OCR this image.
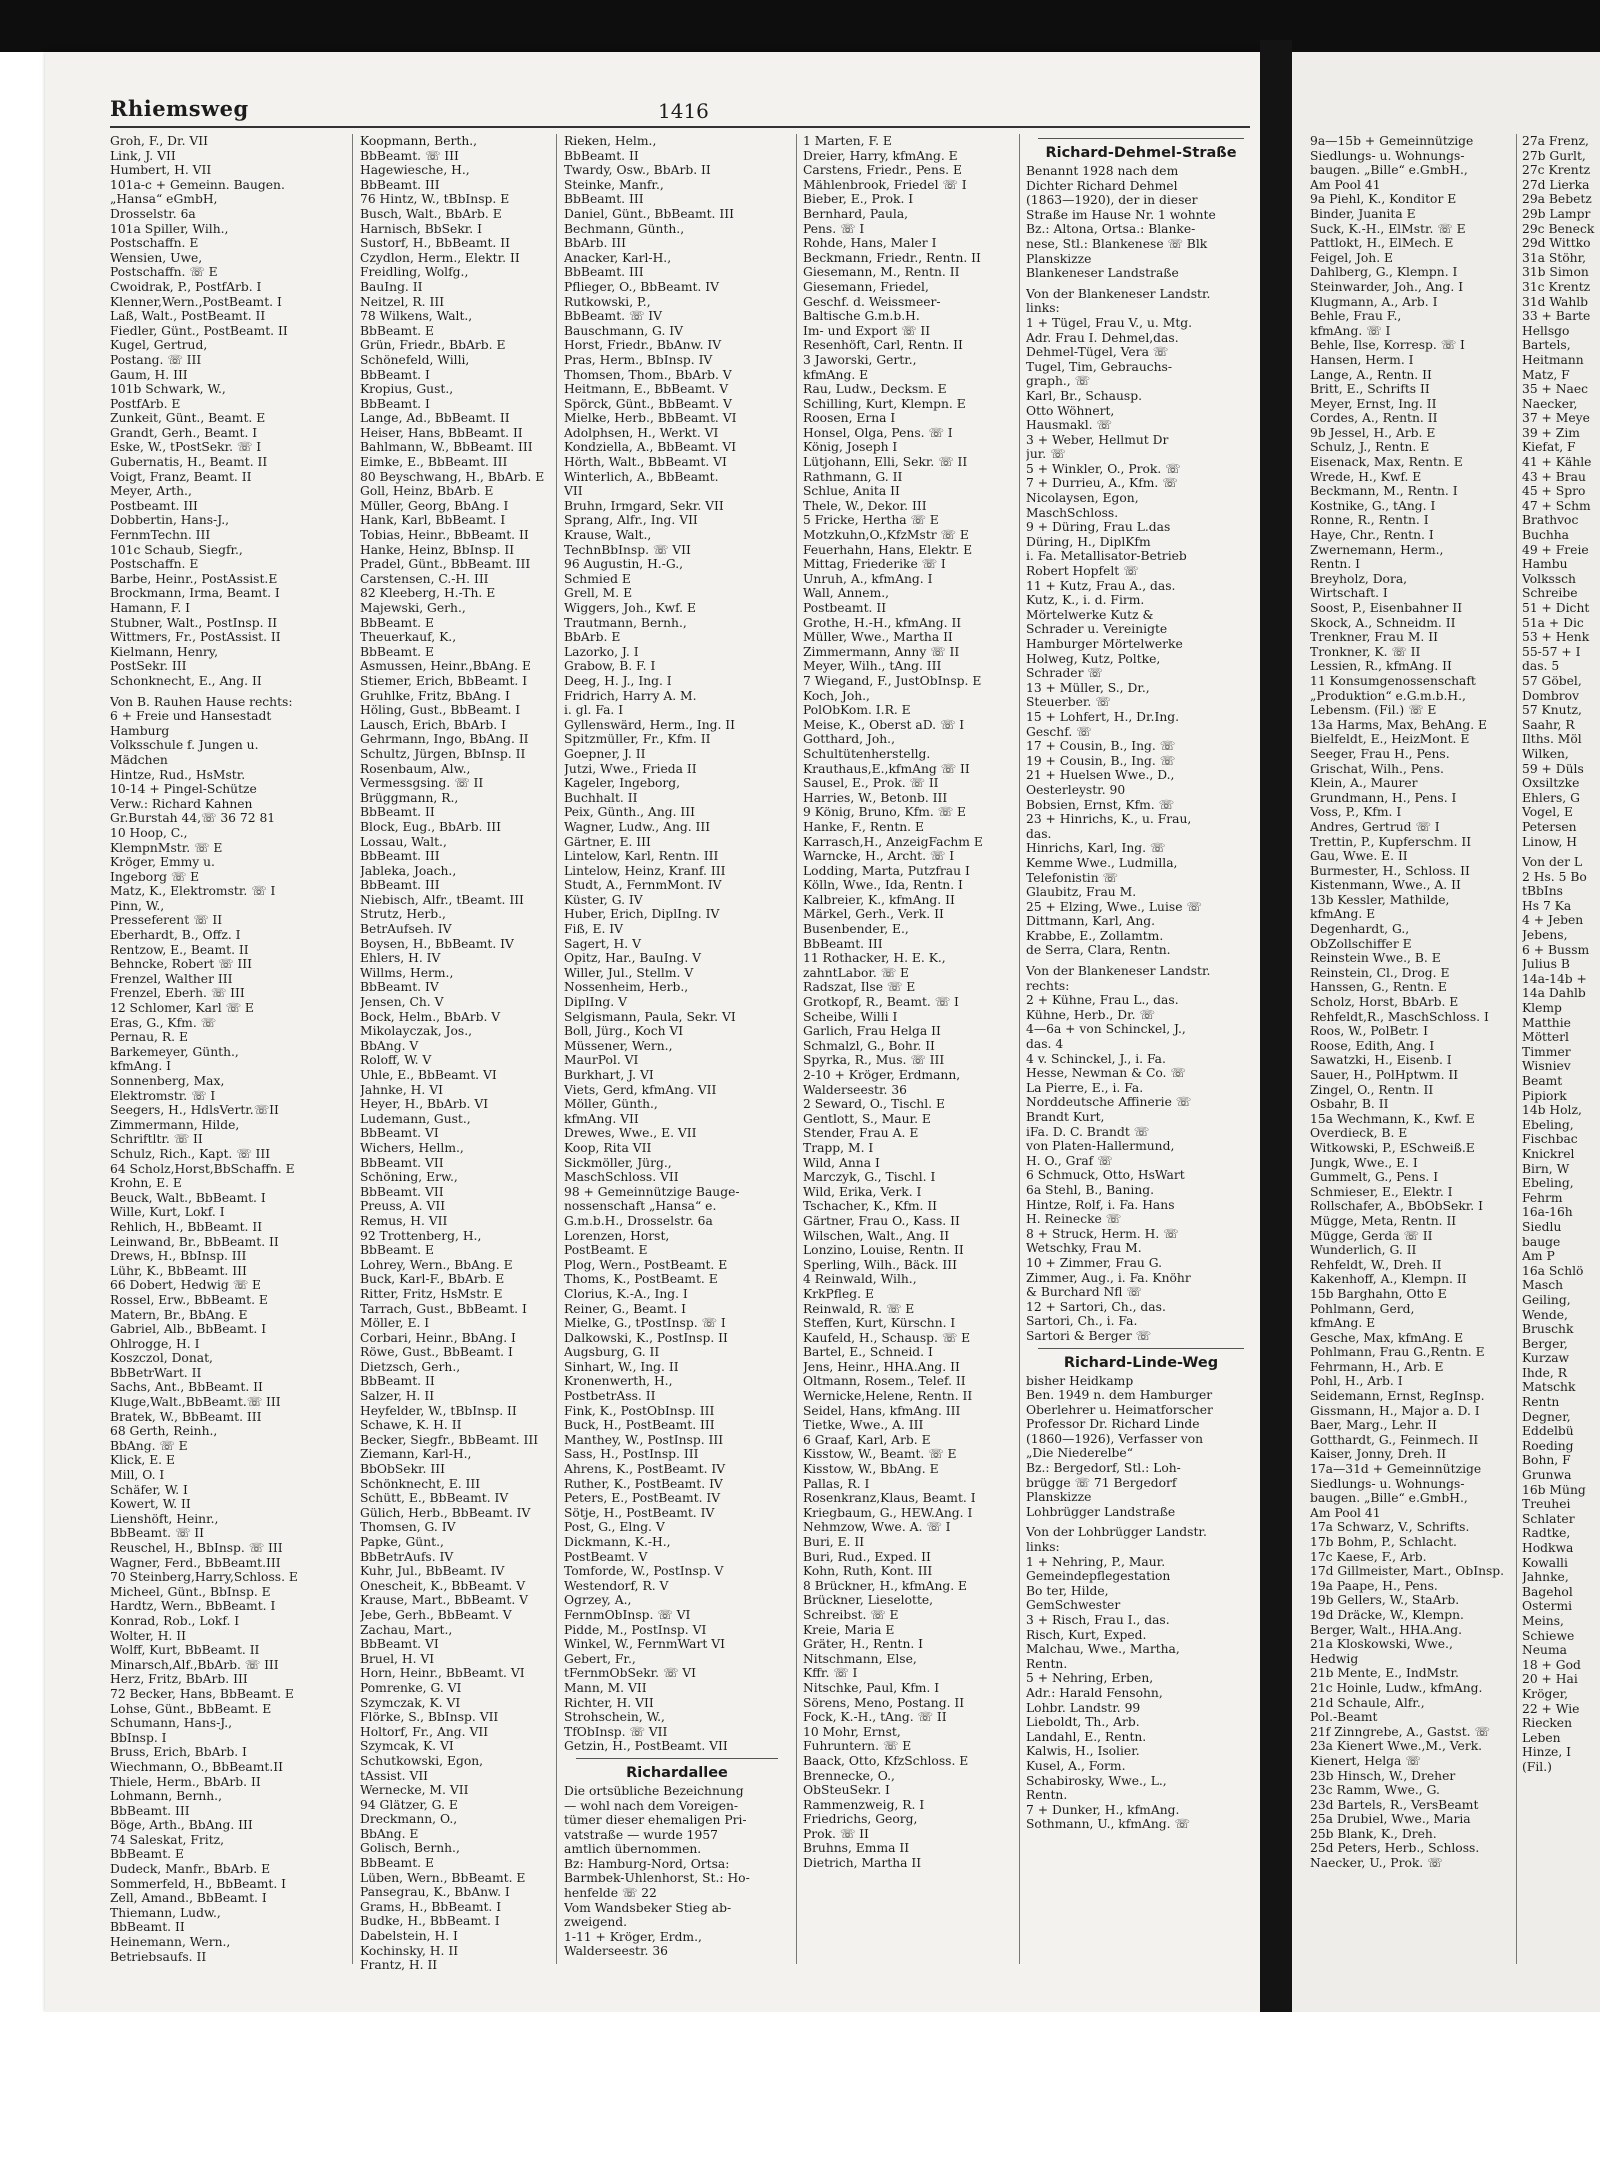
Rhiemsweg	1416
Groh, F., Dr. VII
Link, J. VII
Humbert, H. VII
101a-c + Gemeinn. Baugen.
„Hansa“ eGmbH,
Drosselstr. 6a
101a Spiller, Wilh.,
Postschaffn. E
Wensien, Uwe,
Postschaffn. ☏ E
Cwoidrak, P., PostfArb. I
Klenner,Wern.,PostBeamt. I
Laß, Walt., PostBeamt. II
Fiedler, Günt., PostBeamt. II
Kugel, Gertrud,
Postang. ☏ III
Gaum, H. III
101b Schwark, W.,
PostfArb. E
Zunkeit, Günt., Beamt. E
Grandt, Gerh., Beamt. I
Eske, W., tPostSekr. ☏ I
Gubernatis, H., Beamt. II
Voigt, Franz, Beamt. II
Meyer, Arth.,
Postbeamt. III
Dobbertin, Hans-J.,
FernmTechn. III
101c Schaub, Siegfr.,
Postschaffn. E
Barbe, Heinr., PostAssist.E
Brockmann, Irma, Beamt. I
Hamann, F. I
Stubner, Walt., PostInsp. II
Wittmers, Fr., PostAssist. II
Kielmann, Henry,
PostSekr. III
Schonknecht, E., Ang. II
Von B. Rauhen Hause rechts:
6 + Freie und Hansestadt
Hamburg
Volksschule f. Jungen u.
Mädchen
Hintze, Rud., HsMstr.
10-14 + Pingel-Schütze
Verw.: Richard Kahnen
Gr.Burstah 44,☏ 36 72 81
10 Hoop, C.,
KlempnMstr. ☏ E
Kröger, Emmy u.
Ingeborg ☏ E
Matz, K., Elektromstr. ☏ I
Pinn, W.,
Presseferent ☏ II
Eberhardt, B., Offz. I
Rentzow, E., Beamt. II
Behncke, Robert ☏ III
Frenzel, Walther III
Frenzel, Eberh. ☏ III
12 Schlomer, Karl ☏ E
Eras, G., Kfm. ☏
Pernau, R. E
Barkemeyer, Günth.,
kfmAng. I
Sonnenberg, Max,
Elektromstr. ☏ I
Seegers, H., HdlsVertr.☏II
Zimmermann, Hilde,
Schriftltr. ☏ II
Schulz, Rich., Kapt. ☏ III
64 Scholz,Horst,BbSchaffn. E
Krohn, E. E
Beuck, Walt., BbBeamt. I
Wille, Kurt, Lokf. I
Rehlich, H., BbBeamt. II
Leinwand, Br., BbBeamt. II
Drews, H., BbInsp. III
Lühr, K., BbBeamt. III
66 Dobert, Hedwig ☏ E
Rossel, Erw., BbBeamt. E
Matern, Br., BbAng. E
Gabriel, Alb., BbBeamt. I
Ohlrogge, H. I
Koszczol, Donat,
BbBetrWart. II
Sachs, Ant., BbBeamt. II
Kluge,Walt.,BbBeamt.☏ III
Bratek, W., BbBeamt. III
68 Gerth, Reinh.,
BbAng. ☏ E
Klick, E. E
Mill, O. I
Schäfer, W. I
Kowert, W. II
Lienshöft, Heinr.,
BbBeamt. ☏ II
Reuschel, H., BbInsp. ☏ III
Wagner, Ferd., BbBeamt.III
70 Steinberg,Harry,Schloss. E
Micheel, Günt., BbInsp. E
Hardtz, Wern., BbBeamt. I
Konrad, Rob., Lokf. I
Wolter, H. II
Wolff, Kurt, BbBeamt. II
Minarsch,Alf.,BbArb. ☏ III
Herz, Fritz, BbArb. III
72 Becker, Hans, BbBeamt. E
Lohse, Günt., BbBeamt. E
Schumann, Hans-J.,
BbInsp. I
Bruss, Erich, BbArb. I
Wiechmann, O., BbBeamt.II
Thiele, Herm., BbArb. II
Lohmann, Bernh.,
BbBeamt. III
Böge, Arth., BbAng. III
74 Saleskat, Fritz,
BbBeamt. E
Dudeck, Manfr., BbArb. E
Sommerfeld, H., BbBeamt. I
Zell, Amand., BbBeamt. I
Thiemann, Ludw.,
BbBeamt. II
Heinemann, Wern.,
Betriebsaufs. II
Koopmann, Berth.,
BbBeamt. ☏ III
Hagewiesche, H.,
BbBeamt. III
76 Hintz, W., tBbInsp. E
Busch, Walt., BbArb. E
Harnisch, BbSekr. I
Sustorf, H., BbBeamt. II
Czydlon, Herm., Elektr. II
Freidling, Wolfg.,
BauIng. II
Neitzel, R. III
78 Wilkens, Walt.,
BbBeamt. E
Grün, Friedr., BbArb. E
Schönefeld, Willi,
BbBeamt. I
Kropius, Gust.,
BbBeamt. I
Lange, Ad., BbBeamt. II
Heiser, Hans, BbBeamt. II
Bahlmann, W., BbBeamt. III
Eimke, E., BbBeamt. III
80 Beyschwang, H., BbArb. E
Goll, Heinz, BbArb. E
Müller, Georg, BbAng. I
Hank, Karl, BbBeamt. I
Tobias, Heinr., BbBeamt. II
Hanke, Heinz, BbInsp. II
Pradel, Günt., BbBeamt. III
Carstensen, C.-H. III
82 Kleeberg, H.-Th. E
Majewski, Gerh.,
BbBeamt. E
Theuerkauf, K.,
BbBeamt. E
Asmussen, Heinr.,BbAng. E
Stiemer, Erich, BbBeamt. I
Gruhlke, Fritz, BbAng. I
Höling, Gust., BbBeamt. I
Lausch, Erich, BbArb. I
Gehrmann, Ingo, BbAng. II
Schultz, Jürgen, BbInsp. II
Rosenbaum, Alw.,
Vermessgsing. ☏ II
Brüggmann, R.,
BbBeamt. II
Block, Eug., BbArb. III
Lossau, Walt.,
BbBeamt. III
Jableka, Joach.,
BbBeamt. III
Niebisch, Alfr., tBeamt. III
Strutz, Herb.,
BetrAufseh. IV
Boysen, H., BbBeamt. IV
Ehlers, H. IV
Willms, Herm.,
BbBeamt. IV
Jensen, Ch. V
Bock, Helm., BbArb. V
Mikolayczak, Jos.,
BbAng. V
Roloff, W. V
Uhle, E., BbBeamt. VI
Jahnke, H. VI
Heyer, H., BbArb. VI
Ludemann, Gust.,
BbBeamt. VI
Wichers, Hellm.,
BbBeamt. VII
Schöning, Erw.,
BbBeamt. VII
Preuss, A. VII
Remus, H. VII
92 Trottenberg, H.,
BbBeamt. E
Lohrey, Wern., BbAng. E
Buck, Karl-F., BbArb. E
Ritter, Fritz, HsMstr. E
Tarrach, Gust., BbBeamt. I
Möller, E. I
Corbari, Heinr., BbAng. I
Röwe, Gust., BbBeamt. I
Dietzsch, Gerh.,
BbBeamt. II
Salzer, H. II
Heyfelder, W., tBbInsp. II
Schawe, K. H. II
Becker, Siegfr., BbBeamt. III
Ziemann, Karl-H.,
BbObSekr. III
Schönknecht, E. III
Schütt, E., BbBeamt. IV
Gülich, Herb., BbBeamt. IV
Thomsen, G. IV
Papke, Günt.,
BbBetrAufs. IV
Kuhr, Jul., BbBeamt. IV
Onescheit, K., BbBeamt. V
Krause, Mart., BbBeamt. V
Jebe, Gerh., BbBeamt. V
Zachau, Mart.,
BbBeamt. VI
Bruel, H. VI
Horn, Heinr., BbBeamt. VI
Pomrenke, G. VI
Szymczak, K. VI
Flörke, S., BbInsp. VII
Holtorf, Fr., Ang. VII
Szymcak, K. VI
Schutkowski, Egon,
tAssist. VII
Wernecke, M. VII
94 Glätzer, G. E
Dreckmann, O.,
BbAng. E
Golisch, Bernh.,
BbBeamt. E
Lüben, Wern., BbBeamt. E
Pansegrau, K., BbAnw. I
Grams, H., BbBeamt. I
Budke, H., BbBeamt. I
Dabelstein, H. I
Kochinsky, H. II
Frantz, H. II
Rieken, Helm.,
BbBeamt. II
Twardy, Osw., BbArb. II
Steinke, Manfr.,
BbBeamt. III
Daniel, Günt., BbBeamt. III
Bechmann, Günth.,
BbArb. III
Anacker, Karl-H.,
BbBeamt. III
Pflieger, O., BbBeamt. IV
Rutkowski, P.,
BbBeamt. ☏ IV
Bauschmann, G. IV
Horst, Friedr., BbAnw. IV
Pras, Herm., BbInsp. IV
Thomsen, Thom., BbArb. V
Heitmann, E., BbBeamt. V
Spörck, Günt., BbBeamt. V
Mielke, Herb., BbBeamt. VI
Adolphsen, H., Werkt. VI
Kondziella, A., BbBeamt. VI
Hörth, Walt., BbBeamt. VI
Winterlich, A., BbBeamt.
VII
Bruhn, Irmgard, Sekr. VII
Sprang, Alfr., Ing. VII
Krause, Walt.,
TechnBbInsp. ☏ VII
96 Augustin, H.-G.,
Schmied E
Grell, M. E
Wiggers, Joh., Kwf. E
Trautmann, Bernh.,
BbArb. E
Lazorko, J. I
Grabow, B. F. I
Deeg, H. J., Ing. I
Fridrich, Harry A. M.
i. gl. Fa. I
Gyllenswärd, Herm., Ing. II
Spitzmüller, Fr., Kfm. II
Goepner, J. II
Jutzi, Wwe., Frieda II
Kageler, Ingeborg,
Buchhalt. II
Peix, Günth., Ang. III
Wagner, Ludw., Ang. III
Gärtner, E. III
Lintelow, Karl, Rentn. III
Lintelow, Heinz, Kranf. III
Studt, A., FernmMont. IV
Küster, G. IV
Huber, Erich, DiplIng. IV
Fiß, E. IV
Sagert, H. V
Opitz, Har., BauIng. V
Willer, Jul., Stellm. V
Nossenheim, Herb.,
DiplIng. V
Selgismann, Paula, Sekr. VI
Boll, Jürg., Koch VI
Müssener, Wern.,
MaurPol. VI
Burkhart, J. VI
Viets, Gerd, kfmAng. VII
Möller, Günth.,
kfmAng. VII
Drewes, Wwe., E. VII
Koop, Rita VII
Sickmöller, Jürg.,
MaschSchloss. VII
98 + Gemeinnützige Bauge-
nossenschaft „Hansa“ e.
G.m.b.H., Drosselstr. 6a
Lorenzen, Horst,
PostBeamt. E
Plog, Wern., PostBeamt. E
Thoms, K., PostBeamt. E
Clorius, K.-A., Ing. I
Reiner, G., Beamt. I
Mielke, G., tPostInsp. ☏ I
Dalkowski, K., PostInsp. II
Augsburg, G. II
Sinhart, W., Ing. II
Kronenwerth, H.,
PostbetrAss. II
Fink, K., PostObInsp. III
Buck, H., PostBeamt. III
Manthey, W., PostInsp. III
Sass, H., PostInsp. III
Ahrens, K., PostBeamt. IV
Ruther, K., PostBeamt. IV
Peters, E., PostBeamt. IV
Sötje, H., PostBeamt. IV
Post, G., Elng. V
Dickmann, K.-H.,
PostBeamt. V
Tomforde, W., PostInsp. V
Westendorf, R. V
Ogrzey, A.,
FernmObInsp. ☏ VI
Pidde, M., PostInsp. VI
Winkel, W., FernmWart VI
Gebert, Fr.,
tFernmObSekr. ☏ VI
Mann, M. VII
Richter, H. VII
Strohschein, W.,
TfObInsp. ☏ VII
Getzin, H., PostBeamt. VII
Richardallee
Die ortsübliche Bezeichnung
— wohl nach dem Voreigen-
tümer dieser ehemaligen Pri-
vatstraße — wurde 1957
amtlich übernommen.
Bz: Hamburg-Nord, Ortsa:
Barmbek-Uhlenhorst, St.: Ho-
henfelde ☏ 22
Vom Wandsbeker Stieg ab-
zweigend.
1-11 + Kröger, Erdm.,
Walderseestr. 36
1 Marten, F. E
Dreier, Harry, kfmAng. E
Carstens, Friedr., Pens. E
Mählenbrook, Friedel ☏ I
Bieber, E., Prok. I
Bernhard, Paula,
Pens. ☏ I
Rohde, Hans, Maler I
Beckmann, Friedr., Rentn. II
Giesemann, M., Rentn. II
Giesemann, Friedel,
Geschf. d. Weissmeer-
Baltische G.m.b.H.
Im- und Export ☏ II
Resenhöft, Carl, Rentn. II
3 Jaworski, Gertr.,
kfmAng. E
Rau, Ludw., Decksm. E
Schilling, Kurt, Klempn. E
Roosen, Erna I
Honsel, Olga, Pens. ☏ I
König, Joseph I
Lütjohann, Elli, Sekr. ☏ II
Rathmann, G. II
Schlue, Anita II
Thele, W., Dekor. III
5 Fricke, Hertha ☏ E
Motzkuhn,O.,KfzMstr ☏ E
Feuerhahn, Hans, Elektr. E
Mittag, Friederike ☏ I
Unruh, A., kfmAng. I
Wall, Annem.,
Postbeamt. II
Grothe, H.-H., kfmAng. II
Müller, Wwe., Martha II
Zimmermann, Anny ☏ II
Meyer, Wilh., tAng. III
7 Wiegand, F., JustObInsp. E
Koch, Joh.,
PolObKom. I.R. E
Meise, K., Oberst aD. ☏ I
Gotthard, Joh.,
Schultütenherstellg.
Krauthaus,E.,kfmAng ☏ II
Sausel, E., Prok. ☏ II
Harries, W., Betonb. III
9 König, Bruno, Kfm. ☏ E
Hanke, F., Rentn. E
Karrasch,H., AnzeigFachm E
Warncke, H., Archt. ☏ I
Lodding, Marta, Putzfrau I
Kölln, Wwe., Ida, Rentn. I
Kalbreier, K., kfmAng. II
Märkel, Gerh., Verk. II
Busenbender, E.,
BbBeamt. III
11 Rothacker, H. E. K.,
zahntLabor. ☏ E
Radszat, Ilse ☏ E
Grotkopf, R., Beamt. ☏ I
Scheibe, Willi I
Garlich, Frau Helga II
Schmalzl, G., Bohr. II
Spyrka, R., Mus. ☏ III
2-10 + Kröger, Erdmann,
Walderseestr. 36
2 Seward, O., Tischl. E
Gentlott, S., Maur. E
Stender, Frau A. E
Trapp, M. I
Wild, Anna I
Marczyk, G., Tischl. I
Wild, Erika, Verk. I
Tschacher, K., Kfm. II
Gärtner, Frau O., Kass. II
Wilschen, Walt., Ang. II
Lonzino, Louise, Rentn. II
Sperling, Wilh., Bäck. III
4 Reinwald, Wilh.,
KrkPfleg. E
Reinwald, R. ☏ E
Steffen, Kurt, Kürschn. I
Kaufeld, H., Schausp. ☏ E
Bartel, E., Schneid. I
Jens, Heinr., HHA.Ang. II
Oltmann, Rosem., Telef. II
Wernicke,Helene, Rentn. II
Seidel, Hans, kfmAng. III
Tietke, Wwe., A. III
6 Graaf, Karl, Arb. E
Kisstow, W., Beamt. ☏ E
Kisstow, W., BbAng. E
Pallas, R. I
Rosenkranz,Klaus, Beamt. I
Kriegbaum, G., HEW.Ang. I
Nehmzow, Wwe. A. ☏ I
Buri, E. II
Buri, Rud., Exped. II
Kohn, Ruth, Kont. III
8 Brückner, H., kfmAng. E
Brückner, Lieselotte,
Schreibst. ☏ E
Kreie, Maria E
Gräter, H., Rentn. I
Nitschmann, Else,
Kffr. ☏ I
Nitschke, Paul, Kfm. I
Sörens, Meno, Postang. II
Fock, K.-H., tAng. ☏ II
10 Mohr, Ernst,
Fuhruntern. ☏ E
Baack, Otto, KfzSchloss. E
Brennecke, O.,
ObSteuSekr. I
Rammenzweig, R. I
Friedrichs, Georg,
Prok. ☏ II
Bruhns, Emma II
Dietrich, Martha II
Richard-Dehmel-Straße
Benannt 1928 nach dem
Dichter Richard Dehmel
(1863—1920), der in dieser
Straße im Hause Nr. 1 wohnte
Bz.: Altona, Ortsa.: Blanke-
nese, Stl.: Blankenese ☏ Blk
Planskizze
Blankeneser Landstraße
Von der Blankeneser Landstr.
links:
1 + Tügel, Frau V., u. Mtg.
Adr. Frau I. Dehmel,das.
Dehmel-Tügel, Vera ☏
Tugel, Tim, Gebrauchs-
graph., ☏
Karl, Br., Schausp.
Otto Wöhnert,
Hausmakl. ☏
3 + Weber, Hellmut Dr
jur. ☏
5 + Winkler, O., Prok. ☏
7 + Durrieu, A., Kfm. ☏
Nicolaysen, Egon,
MaschSchloss.
9 + Düring, Frau L.das
Düring, H., DiplKfm
i. Fa. Metallisator-Betrieb
Robert Hopfelt ☏
11 + Kutz, Frau A., das.
Kutz, K., i. d. Firm.
Mörtelwerke Kutz &
Schrader u. Vereinigte
Hamburger Mörtelwerke
Holweg, Kutz, Poltke,
Schrader ☏
13 + Müller, S., Dr.,
Steuerber. ☏
15 + Lohfert, H., Dr.Ing.
Geschf. ☏
17 + Cousin, B., Ing. ☏
19 + Cousin, B., Ing. ☏
21 + Huelsen Wwe., D.,
Oesterleystr. 90
Bobsien, Ernst, Kfm. ☏
23 + Hinrichs, K., u. Frau,
das.
Hinrichs, Karl, Ing. ☏
Kemme Wwe., Ludmilla,
Telefonistin ☏
Glaubitz, Frau M.
25 + Elzing, Wwe., Luise ☏
Dittmann, Karl, Ang.
Krabbe, E., Zollamtm.
de Serra, Clara, Rentn.
Von der Blankeneser Landstr.
rechts:
2 + Kühne, Frau L., das.
Kühne, Herb., Dr. ☏
4—6a + von Schinckel, J.,
das. 4
4 v. Schinckel, J., i. Fa.
Hesse, Newman & Co. ☏
La Pierre, E., i. Fa.
Norddeutsche Affinerie ☏
Brandt Kurt,
iFa. D. C. Brandt ☏
von Platen-Hallermund,
H. O., Graf ☏
6 Schmuck, Otto, HsWart
6a Stehl, B., Baning.
Hintze, Rolf, i. Fa. Hans
H. Reinecke ☏
8 + Struck, Herm. H. ☏
Wetschky, Frau M.
10 + Zimmer, Frau G.
Zimmer, Aug., i. Fa. Knöhr
& Burchard Nfl ☏
12 + Sartori, Ch., das.
Sartori, Ch., i. Fa.
Sartori & Berger ☏
Richard-Linde-Weg
bisher Heidkamp
Ben. 1949 n. dem Hamburger
Oberlehrer u. Heimatforscher
Professor Dr. Richard Linde
(1860—1926), Verfasser von
„Die Niederelbe“
Bz.: Bergedorf, Stl.: Loh-
brügge ☏ 71 Bergedorf
Planskizze
Lohbrügger Landstraße
Von der Lohbrügger Landstr.
links:
1 + Nehring, P., Maur.
Gemeindepflegestation
Bo ter, Hilde,
GemSchwester
3 + Risch, Frau I., das.
Risch, Kurt, Exped.
Malchau, Wwe., Martha,
Rentn.
5 + Nehring, Erben,
Adr.: Harald Fensohn,
Lohbr. Landstr. 99
Lieboldt, Th., Arb.
Landahl, E., Rentn.
Kalwis, H., Isolier.
Kusel, A., Form.
Schabirosky, Wwe., L.,
Rentn.
7 + Dunker, H., kfmAng.
Sothmann, U., kfmAng. ☏
9a—15b + Gemeinnützige
Siedlungs- u. Wohnungs-
baugen. „Bille“ e.GmbH.,
Am Pool 41
9a Piehl, K., Konditor E
Binder, Juanita E
Suck, K.-H., ElMstr. ☏ E
Pattlokt, H., ElMech. E
Feigel, Joh. E
Dahlberg, G., Klempn. I
Steinwarder, Joh., Ang. I
Klugmann, A., Arb. I
Behle, Frau F.,
kfmAng. ☏ I
Behle, Ilse, Korresp. ☏ I
Hansen, Herm. I
Lange, A., Rentn. II
Britt, E., Schrifts II
Meyer, Ernst, Ing. II
Cordes, A., Rentn. II
9b Jessel, H., Arb. E
Schulz, J., Rentn. E
Eisenack, Max, Rentn. E
Wrede, H., Kwf. E
Beckmann, M., Rentn. I
Kostnike, G., tAng. I
Ronne, R., Rentn. I
Haye, Chr., Rentn. I
Zwernemann, Herm.,
Rentn. I
Breyholz, Dora,
Wirtschaft. I
Soost, P., Eisenbahner II
Skock, A., Schneidm. II
Trenkner, Frau M. II
Tronkner, K. ☏ II
Lessien, R., kfmAng. II
11 Konsumgenossenschaft
„Produktion“ e.G.m.b.H.,
Lebensm. (Fil.) ☏ E
13a Harms, Max, BehAng. E
Bielfeldt, E., HeizMont. E
Seeger, Frau H., Pens.
Grischat, Wilh., Pens.
Klein, A., Maurer
Grundmann, H., Pens. I
Voss, P., Kfm. I
Andres, Gertrud ☏ I
Trettin, P., Kupferschm. II
Gau, Wwe. E. II
Burmester, H., Schloss. II
Kistenmann, Wwe., A. II
13b Kessler, Mathilde,
kfmAng. E
Degenhardt, G.,
ObZollschiffer E
Reinstein Wwe., B. E
Reinstein, Cl., Drog. E
Hanssen, G., Rentn. E
Scholz, Horst, BbArb. E
Rehfeldt,R., MaschSchloss. I
Roos, W., PolBetr. I
Roose, Edith, Ang. I
Sawatzki, H., Eisenb. I
Sauer, H., PolHptwm. II
Zingel, O., Rentn. II
Osbahr, B. II
15a Wechmann, K., Kwf. E
Overdieck, B. E
Witkowski, P., ESchweiß.E
Jungk, Wwe., E. I
Gummelt, G., Pens. I
Schmieser, E., Elektr. I
Rollschafer, A., BbObSekr. I
Mügge, Meta, Rentn. II
Mügge, Gerda ☏ II
Wunderlich, G. II
Rehfeldt, W., Dreh. II
Kakenhoff, A., Klempn. II
15b Barghahn, Otto E
Pohlmann, Gerd,
kfmAng. E
Gesche, Max, kfmAng. E
Pohlmann, Frau G.,Rentn. E
Fehrmann, H., Arb. E
Pohl, H., Arb. I
Seidemann, Ernst, RegInsp.
Gissmann, H., Major a. D. I
Baer, Marg., Lehr. II
Gotthardt, G., Feinmech. II
Kaiser, Jonny, Dreh. II
17a—31d + Gemeinnützige
Siedlungs- u. Wohnungs-
baugen. „Bille“ e.GmbH.,
Am Pool 41
17a Schwarz, V., Schrifts.
17b Bohm, P., Schlacht.
17c Kaese, F., Arb.
17d Gillmeister, Mart., ObInsp.
19a Paape, H., Pens.
19b Gellers, W., StaArb.
19d Dräcke, W., Klempn.
Berger, Walt., HHA.Ang.
21a Kloskowski, Wwe.,
Hedwig
21b Mente, E., IndMstr.
21c Hoinle, Ludw., kfmAng.
21d Schaule, Alfr.,
Pol.-Beamt
21f Zinngrebe, A., Gastst. ☏
23a Kienert Wwe.,M., Verk.
Kienert, Helga ☏
23b Hinsch, W., Dreher
23c Ramm, Wwe., G.
23d Bartels, R., VersBeamt
25a Drubiel, Wwe., Maria
25b Blank, K., Dreh.
25d Peters, Herb., Schloss.
Naecker, U., Prok. ☏
27a Frenz,
27b Gurlt,
27c Krentz
27d Lierka
29a Bebetz
29b Lampr
29c Beneck
29d Wittko
31a Stöhr,
31b Simon
31c Krentz
31d Wahlb
33 + Barte
Hellsgo
Bartels,
Heitmann
Matz, F
35 + Naec
Naecker,
37 + Meye
39 + Zim
Kiefat, F
41 + Kähle
43 + Brau
45 + Spro
47 + Schm
Brathvoc
Buchha
49 + Freie
Hambu
Volkssch
Schreibe
51 + Dicht
51a + Dic
53 + Henk
55-57 + I
das. 5
57 Göbel,
Dombrov
57 Knutz,
Saahr, R
Ilths. Möl
Wilken,
59 + Düls
Oxsiltzke
Ehlers, G
Vogel, E
Petersen
Linow, H
Von der L
2 Hs. 5 Bo
tBbIns
Hs 7 Ka
4 + Jeben
Jebens,
6 + Bussm
Julius B
14a-14b +
14a Dahlb
Klemp
Matthie
Mötterl
Timmer
Wisniev
Beamt
Pipiork
14b Holz,
Ebeling,
Fischbac
Knickrel
Birn, W
Ebeling,
Fehrm
16a-16h
Siedlu
bauge
Am P
16a Schlö
Masch
Geiling,
Wende,
Bruschk
Berger,
Kurzaw
Ihde, R
Matschk
Rentn
Degner,
Eddelbü
Roeding
Bohn, F
Grunwa
16b Müng
Treuhei
Schlater
Radtke,
Hodkwa
Kowalli
Jahnke,
Bagehol
Ostermi
Meins,
Schiewe
Neuma
18 + God
20 + Hai
Kröger,
22 + Wie
Riecken
Leben
Hinze, I
(Fil.)
